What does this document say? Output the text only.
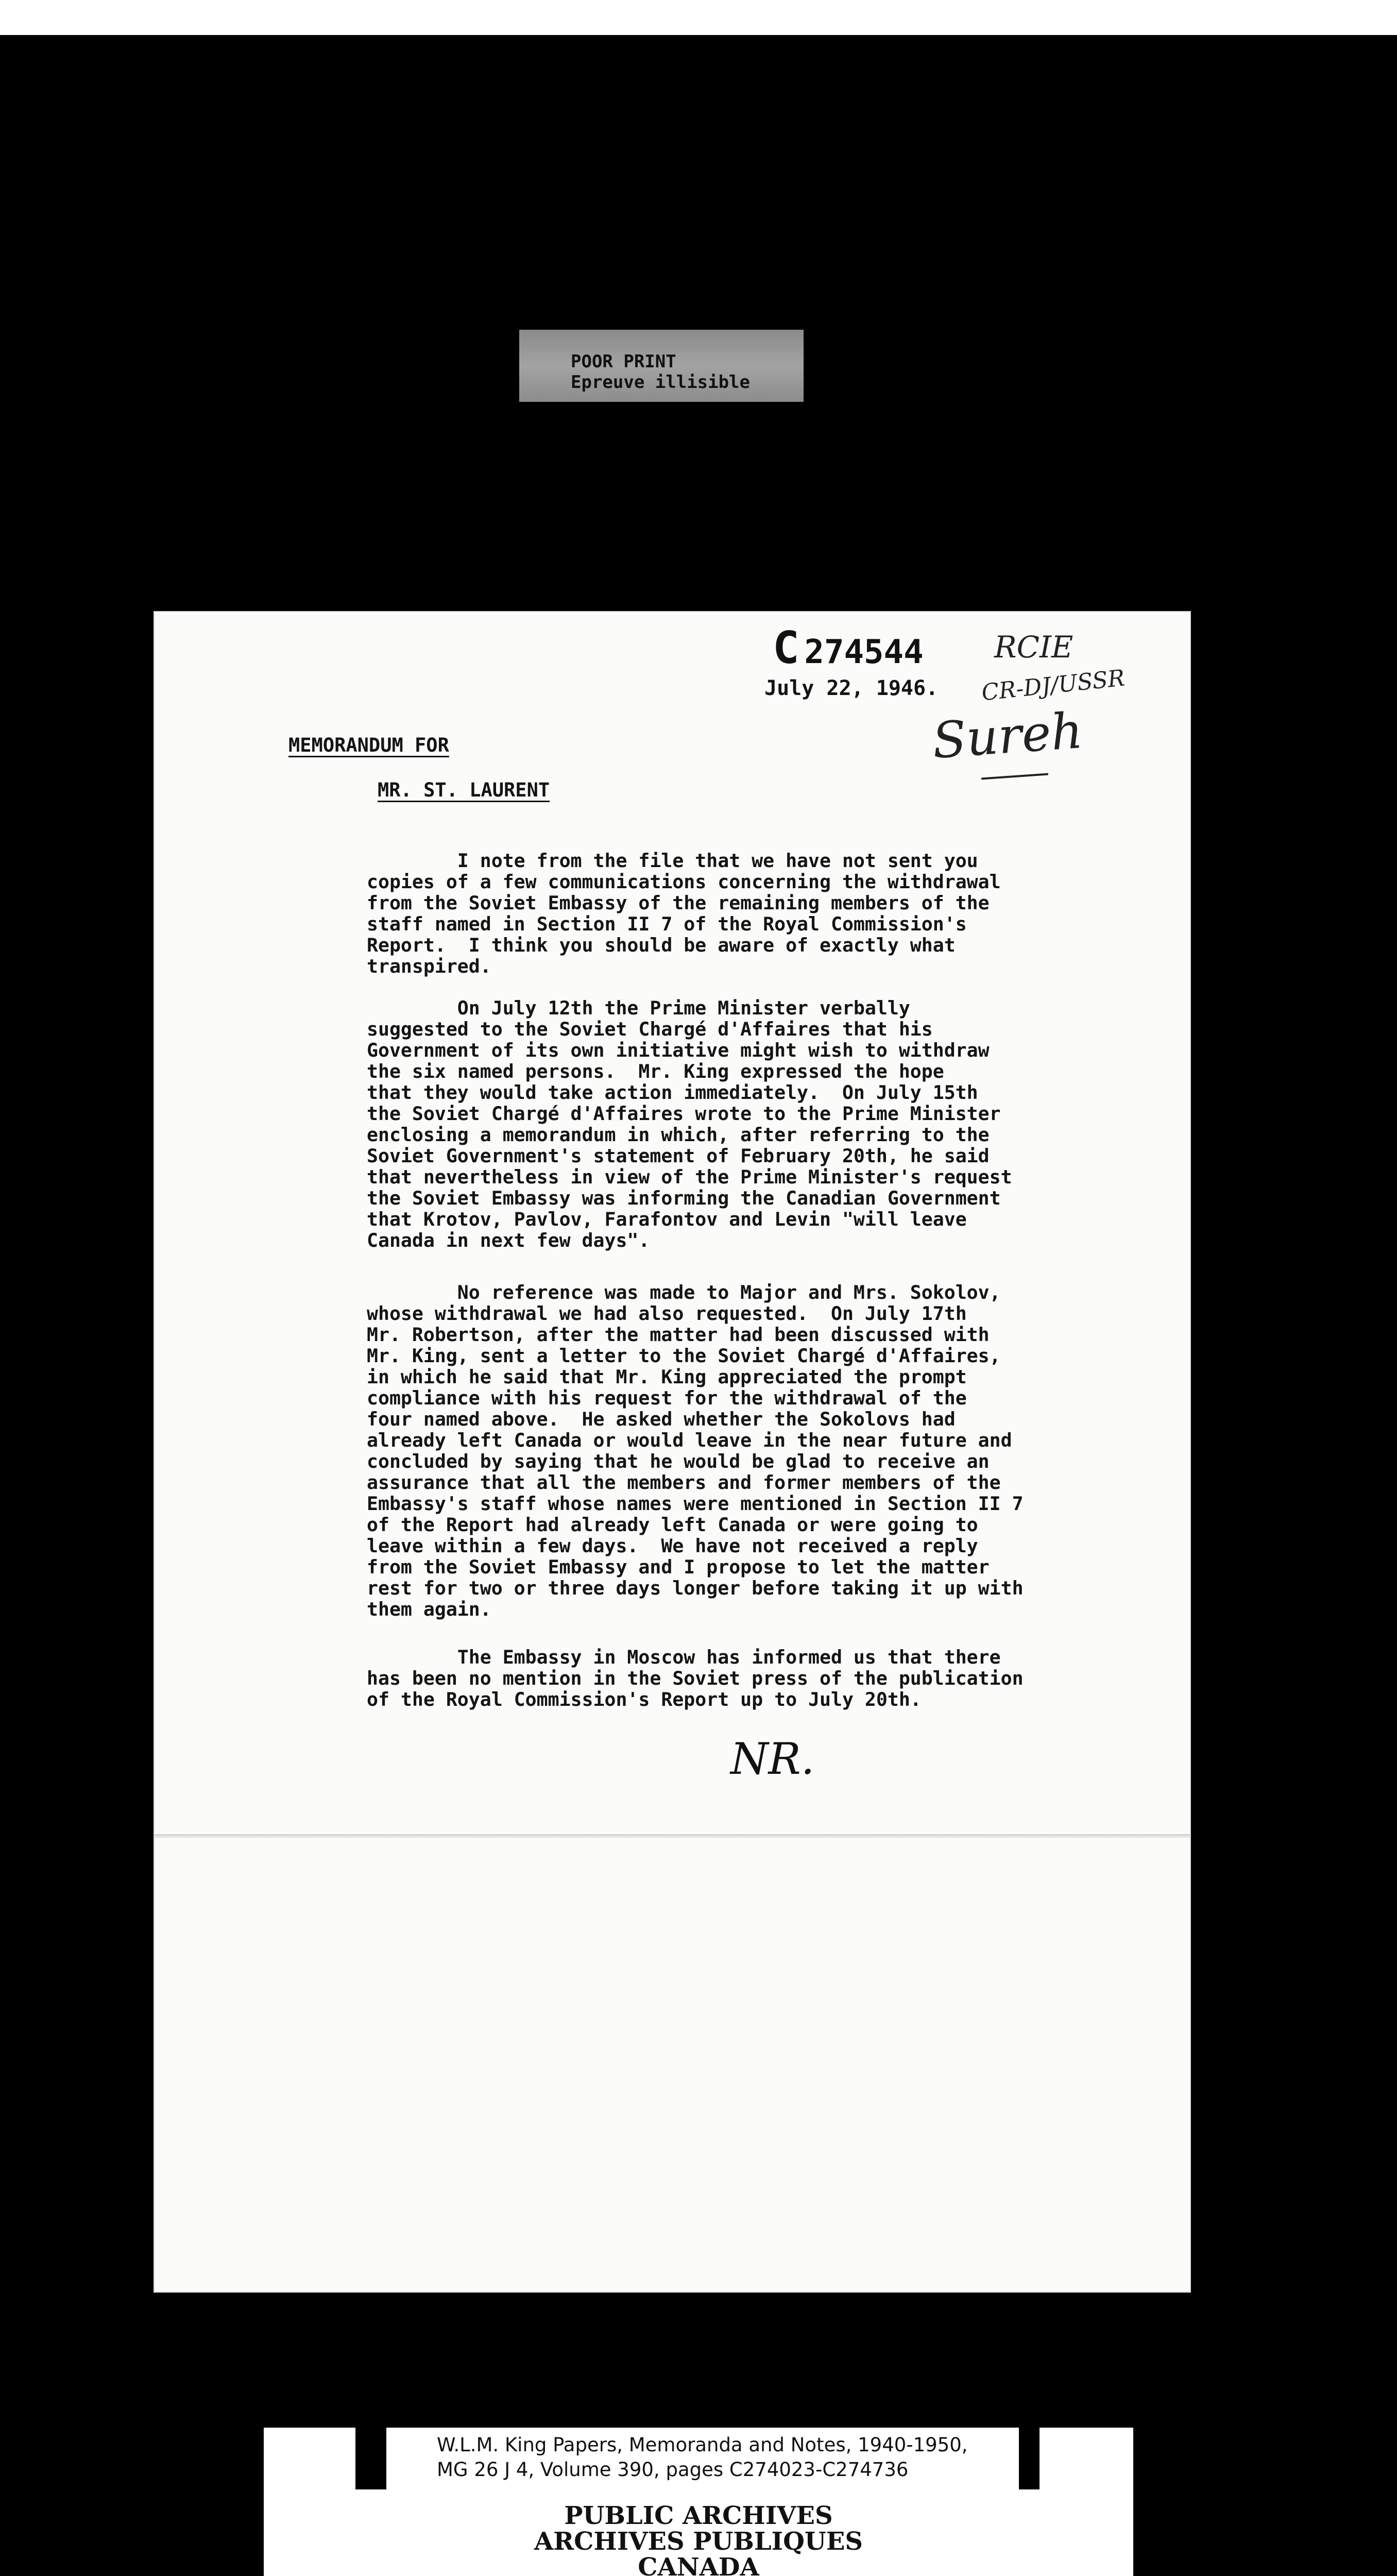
POOR PRINT
Epreuve illisible
C 274544 RCIE
CR-DJ/USSR
Sureh
July 22, 1946.
MEMORANDUM FOR
MR. ST. LAURENT
I note from the file that we have not sent you
copies of a few communications concerning the withdrawal
from the Soviet Embassy of the remaining members of the
staff named in Section II 7 of the Royal Commission's
Report.  I think you should be aware of exactly what
transpired.
On July 12th the Prime Minister verbally
suggested to the Soviet Chargé d'Affaires that his
Government of its own initiative might wish to withdraw
the six named persons.  Mr. King expressed the hope
that they would take action immediately.  On July 15th
the Soviet Chargé d'Affaires wrote to the Prime Minister
enclosing a memorandum in which, after referring to the
Soviet Government's statement of February 20th, he said
that nevertheless in view of the Prime Minister's request
the Soviet Embassy was informing the Canadian Government
that Krotov, Pavlov, Farafontov and Levin "will leave
Canada in next few days".
No reference was made to Major and Mrs. Sokolov,
whose withdrawal we had also requested.  On July 17th
Mr. Robertson, after the matter had been discussed with
Mr. King, sent a letter to the Soviet Chargé d'Affaires,
in which he said that Mr. King appreciated the prompt
compliance with his request for the withdrawal of the
four named above.  He asked whether the Sokolovs had
already left Canada or would leave in the near future and
concluded by saying that he would be glad to receive an
assurance that all the members and former members of the
Embassy's staff whose names were mentioned in Section II 7
of the Report had already left Canada or were going to
leave within a few days.  We have not received a reply
from the Soviet Embassy and I propose to let the matter
rest for two or three days longer before taking it up with
them again.
The Embassy in Moscow has informed us that there
has been no mention in the Soviet press of the publication
of the Royal Commission's Report up to July 20th.
NR.
W.L.M. King Papers, Memoranda and Notes, 1940-1950,
MG 26 J 4, Volume 390, pages C274023-C274736
PUBLIC ARCHIVES
ARCHIVES PUBLIQUES
CANADA
